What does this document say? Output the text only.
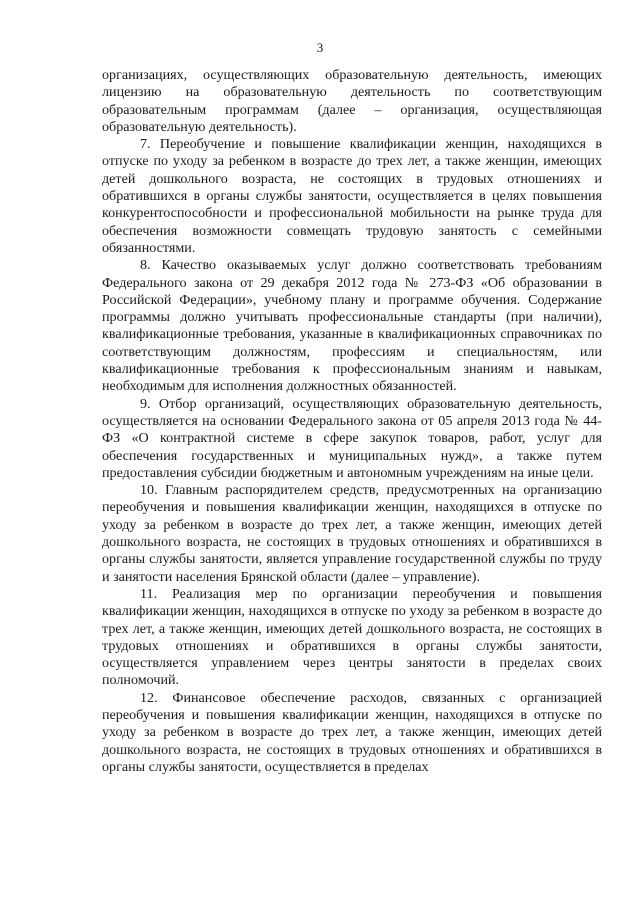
3

организациях, осуществляющих образовательную деятельность, имеющих лицензию на образовательную деятельность по соответствующим образовательным программам (далее – организация, осуществляющая образовательную деятельность).

7. Переобучение и повышение квалификации женщин, находящихся в отпуске по уходу за ребенком в возрасте до трех лет, а также женщин, имеющих детей дошкольного возраста, не состоящих в трудовых отношениях и обратившихся в органы службы занятости, осуществляется в целях повышения конкурентоспособности и профессиональной мобильности на рынке труда для обеспечения возможности совмещать трудовую занятость с семейными обязанностями.

8. Качество оказываемых услуг должно соответствовать требованиям Федерального закона от 29 декабря 2012 года № 273-ФЗ «Об образовании в Российской Федерации», учебному плану и программе обучения. Содержание программы должно учитывать профессиональные стандарты (при наличии), квалификационные требования, указанные в квалификационных справочниках по соответствующим должностям, профессиям и специальностям, или квалификационные требования к профессиональным знаниям и навыкам, необходимым для исполнения должностных обязанностей.

9. Отбор организаций, осуществляющих образовательную деятельность, осуществляется на основании Федерального закона от 05 апреля 2013 года № 44-ФЗ «О контрактной системе в сфере закупок товаров, работ, услуг для обеспечения государственных и муниципальных нужд», а также путем предоставления субсидии бюджетным и автономным учреждениям на иные цели.

10. Главным распорядителем средств, предусмотренных на организацию переобучения и повышения квалификации женщин, находящихся в отпуске по уходу за ребенком в возрасте до трех лет, а также женщин, имеющих детей дошкольного возраста, не состоящих в трудовых отношениях и обратившихся в органы службы занятости, является управление государственной службы по труду и занятости населения Брянской области (далее – управление).

11. Реализация мер по организации переобучения и повышения квалификации женщин, находящихся в отпуске по уходу за ребенком в возрасте до трех лет, а также женщин, имеющих детей дошкольного возраста, не состоящих в трудовых отношениях и обратившихся в органы службы занятости, осуществляется управлением через центры занятости в пределах своих полномочий.

12. Финансовое обеспечение расходов, связанных с организацией переобучения и повышения квалификации женщин, находящихся в отпуске по уходу за ребенком в возрасте до трех лет, а также женщин, имеющих детей дошкольного возраста, не состоящих в трудовых отношениях и обратившихся в органы службы занятости, осуществляется в пределах
